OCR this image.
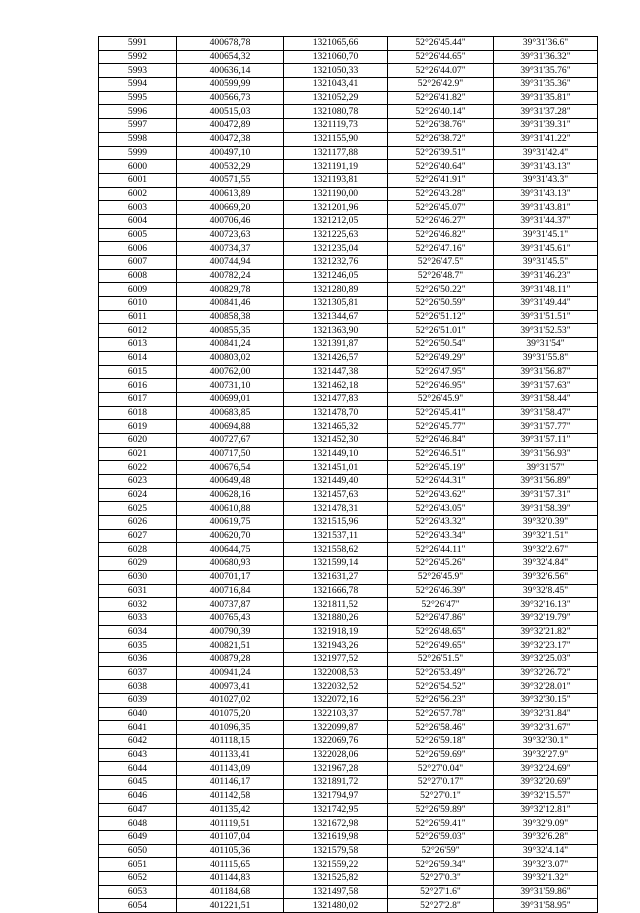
5991	400678,78	1321065,66	52°26'45.44"	39°31'36.6"
5992	400654,32	1321060,70	52°26'44.65"	39°31'36.32"
5993	400636,14	1321050,33	52°26'44.07"	39°31'35.76"
5994	400599,99	1321043,41	52°26'42.9"	39°31'35.36"
5995	400566,73	1321052,29	52°26'41.82"	39°31'35.81"
5996	400515,03	1321080,78	52°26'40.14"	39°31'37.28"
5997	400472,89	1321119,73	52°26'38.76"	39°31'39.31"
5998	400472,38	1321155,90	52°26'38.72"	39°31'41.22"
5999	400497,10	1321177,88	52°26'39.51"	39°31'42.4"
6000	400532,29	1321191,19	52°26'40.64"	39°31'43.13"
6001	400571,55	1321193,81	52°26'41.91"	39°31'43.3"
6002	400613,89	1321190,00	52°26'43.28"	39°31'43.13"
6003	400669,20	1321201,96	52°26'45.07"	39°31'43.81"
6004	400706,46	1321212,05	52°26'46.27"	39°31'44.37"
6005	400723,63	1321225,63	52°26'46.82"	39°31'45.1"
6006	400734,37	1321235,04	52°26'47.16"	39°31'45.61"
6007	400744,94	1321232,76	52°26'47.5"	39°31'45.5"
6008	400782,24	1321246,05	52°26'48.7"	39°31'46.23"
6009	400829,78	1321280,89	52°26'50.22"	39°31'48.11"
6010	400841,46	1321305,81	52°26'50.59"	39°31'49.44"
6011	400858,38	1321344,67	52°26'51.12"	39°31'51.51"
6012	400855,35	1321363,90	52°26'51.01"	39°31'52.53"
6013	400841,24	1321391,87	52°26'50.54"	39°31'54"
6014	400803,02	1321426,57	52°26'49.29"	39°31'55.8"
6015	400762,00	1321447,38	52°26'47.95"	39°31'56.87"
6016	400731,10	1321462,18	52°26'46.95"	39°31'57.63"
6017	400699,01	1321477,83	52°26'45.9"	39°31'58.44"
6018	400683,85	1321478,70	52°26'45.41"	39°31'58.47"
6019	400694,88	1321465,32	52°26'45.77"	39°31'57.77"
6020	400727,67	1321452,30	52°26'46.84"	39°31'57.11"
6021	400717,50	1321449,10	52°26'46.51"	39°31'56.93"
6022	400676,54	1321451,01	52°26'45.19"	39°31'57"
6023	400649,48	1321449,40	52°26'44.31"	39°31'56.89"
6024	400628,16	1321457,63	52°26'43.62"	39°31'57.31"
6025	400610,88	1321478,31	52°26'43.05"	39°31'58.39"
6026	400619,75	1321515,96	52°26'43.32"	39°32'0.39"
6027	400620,70	1321537,11	52°26'43.34"	39°32'1.51"
6028	400644,75	1321558,62	52°26'44.11"	39°32'2.67"
6029	400680,93	1321599,14	52°26'45.26"	39°32'4.84"
6030	400701,17	1321631,27	52°26'45.9"	39°32'6.56"
6031	400716,84	1321666,78	52°26'46.39"	39°32'8.45"
6032	400737,87	1321811,52	52°26'47"	39°32'16.13"
6033	400765,43	1321880,26	52°26'47.86"	39°32'19.79"
6034	400790,39	1321918,19	52°26'48.65"	39°32'21.82"
6035	400821,51	1321943,26	52°26'49.65"	39°32'23.17"
6036	400879,28	1321977,52	52°26'51.5"	39°32'25.03"
6037	400941,24	1322008,53	52°26'53.49"	39°32'26.72"
6038	400973,41	1322032,52	52°26'54.52"	39°32'28.01"
6039	401027,02	1322072,16	52°26'56.23"	39°32'30.15"
6040	401075,20	1322103,37	52°26'57.78"	39°32'31.84"
6041	401096,35	1322099,87	52°26'58.46"	39°32'31.67"
6042	401118,15	1322069,76	52°26'59.18"	39°32'30.1"
6043	401133,41	1322028,06	52°26'59.69"	39°32'27.9"
6044	401143,09	1321967,28	52°27'0.04"	39°32'24.69"
6045	401146,17	1321891,72	52°27'0.17"	39°32'20.69"
6046	401142,58	1321794,97	52°27'0.1"	39°32'15.57"
6047	401135,42	1321742,95	52°26'59.89"	39°32'12.81"
6048	401119,51	1321672,98	52°26'59.41"	39°32'9.09"
6049	401107,04	1321619,98	52°26'59.03"	39°32'6.28"
6050	401105,36	1321579,58	52°26'59"	39°32'4.14"
6051	401115,65	1321559,22	52°26'59.34"	39°32'3.07"
6052	401144,83	1321525,82	52°27'0.3"	39°32'1.32"
6053	401184,68	1321497,58	52°27'1.6"	39°31'59.86"
6054	401221,51	1321480,02	52°27'2.8"	39°31'58.95"
